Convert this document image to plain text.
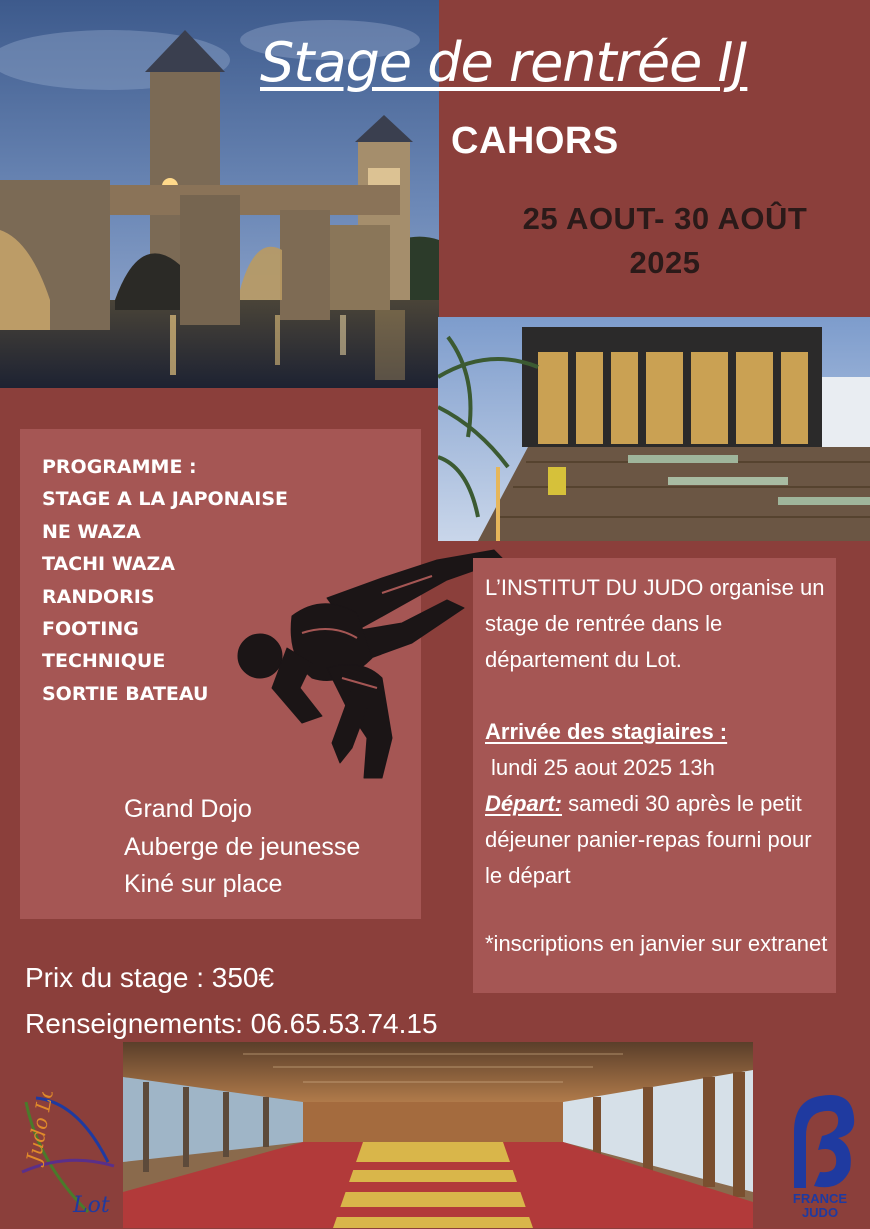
Stage de rentrée IJ
CAHORS
25 AOUT- 30 AOÛT
2025
PROGRAMME :
STAGE A LA JAPONAISE
NE WAZA
TACHI WAZA
RANDORIS
FOOTING
TECHNIQUE
SORTIE BATEAU
Grand Dojo
Auberge de jeunesse
Kiné sur place
L’INSTITUT DU JUDO organise un stage de rentrée dans le département du Lot.
Arrivée des stagiaires :
lundi 25 aout 2025 13h
Départ: samedi 30 après le petit déjeuner panier-repas fourni pour le départ
*inscriptions en janvier sur extranet
Prix du stage : 350€
Renseignements: 06.65.53.74.15
Judo Lot
Lot	FRANCE JUDO
